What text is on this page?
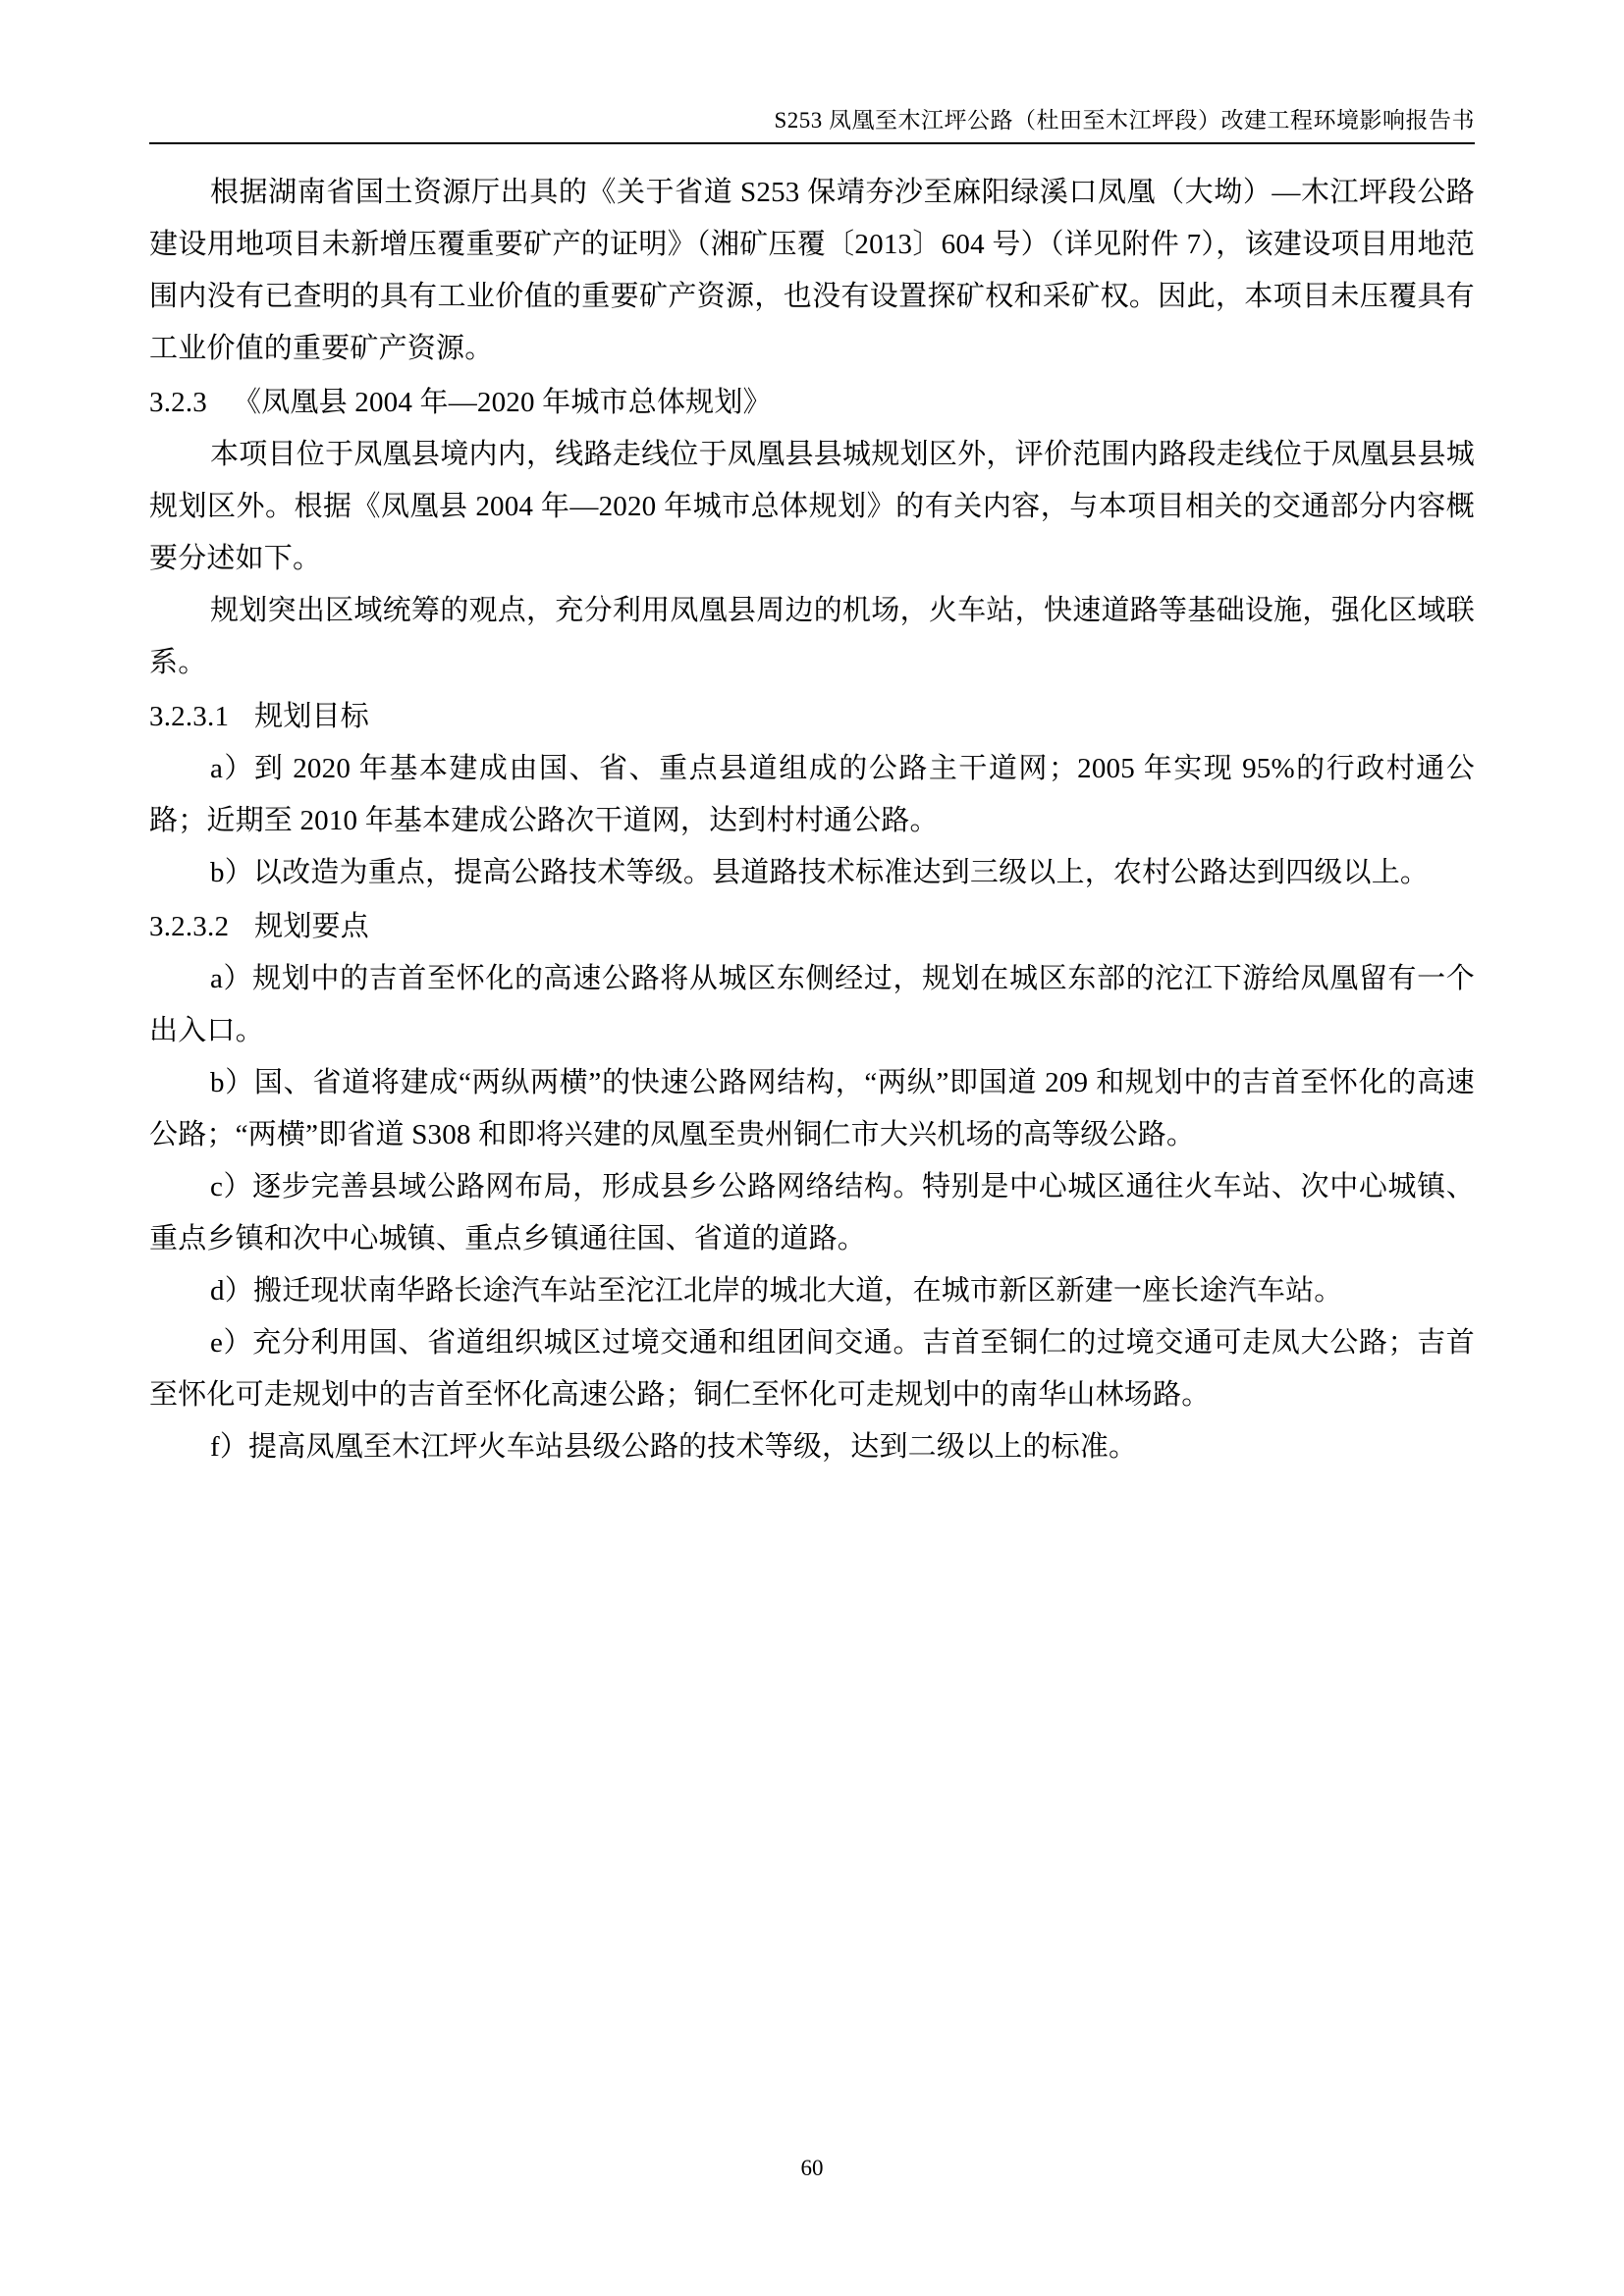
S253 凤凰至木江坪公路（杜田至木江坪段）改建工程环境影响报告书

根据湖南省国土资源厅出具的《关于省道 S253 保靖夯沙至麻阳绿溪口凤凰（大坳）—木江坪段公路建设用地项目未新增压覆重要矿产的证明》（湘矿压覆〔2013〕604 号）（详见附件 7），该建设项目用地范围内没有已查明的具有工业价值的重要矿产资源，也没有设置探矿权和采矿权。因此，本项目未压覆具有工业价值的重要矿产资源。

3.2.3 《凤凰县 2004 年—2020 年城市总体规划》

本项目位于凤凰县境内内，线路走线位于凤凰县县城规划区外，评价范围内路段走线位于凤凰县县城规划区外。根据《凤凰县 2004 年—2020 年城市总体规划》的有关内容，与本项目相关的交通部分内容概要分述如下。

规划突出区域统筹的观点，充分利用凤凰县周边的机场，火车站，快速道路等基础设施，强化区域联系。

3.2.3.1 规划目标

a）到 2020 年基本建成由国、省、重点县道组成的公路主干道网；2005 年实现 95%的行政村通公路；近期至 2010 年基本建成公路次干道网，达到村村通公路。

b）以改造为重点，提高公路技术等级。县道路技术标准达到三级以上，农村公路达到四级以上。

3.2.3.2 规划要点

a）规划中的吉首至怀化的高速公路将从城区东侧经过，规划在城区东部的沱江下游给凤凰留有一个出入口。

b）国、省道将建成“两纵两横”的快速公路网结构，“两纵”即国道 209 和规划中的吉首至怀化的高速公路；“两横”即省道 S308 和即将兴建的凤凰至贵州铜仁市大兴机场的高等级公路。

c）逐步完善县域公路网布局，形成县乡公路网络结构。特别是中心城区通往火车站、次中心城镇、重点乡镇和次中心城镇、重点乡镇通往国、省道的道路。

d）搬迁现状南华路长途汽车站至沱江北岸的城北大道，在城市新区新建一座长途汽车站。

e）充分利用国、省道组织城区过境交通和组团间交通。吉首至铜仁的过境交通可走凤大公路；吉首至怀化可走规划中的吉首至怀化高速公路；铜仁至怀化可走规划中的南华山林场路。

f）提高凤凰至木江坪火车站县级公路的技术等级，达到二级以上的标准。

60
